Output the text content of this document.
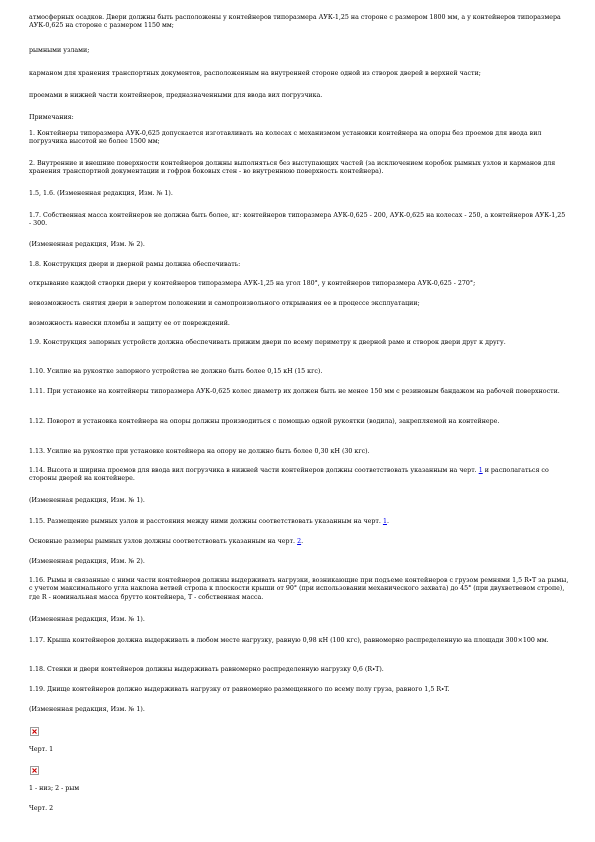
атмосферных осадков. Двери должны быть расположены у контейнеров типоразмера АУК-1,25 на стороне с размером 1800 мм, а у контейнеров типоразмера АУК-0,625 на стороне с размером 1150 мм;

рымными узлами;

карманом для хранения транспортных документов, расположенным на внутренней стороне одной из створок дверей в верхней части;

проемами в нижней части контейнеров, предназначенными для ввода вил погрузчика.

Примечания:

1. Контейнеры типоразмера АУК-0,625 допускается изготавливать на колесах с механизмом установки контейнера на опоры без проемов для ввода вил погрузчика высотой не более 1500 мм;

2. Внутренние и внешние поверхности контейнеров должны выполняться без выступающих частей (за исключением коробок рымных узлов и карманов для хранения транспортной документации и гофров боковых стен - во внутреннюю поверхность контейнера).

1.5, 1.6. (Измененная редакция, Изм. № 1).

1.7. Собственная масса контейнеров не должна быть более, кг: контейнеров типоразмера АУК-0,625 - 200, АУК-0,625 на колесах - 250, а контейнеров АУК-1,25 - 300.

(Измененная редакция, Изм. № 2).

1.8. Конструкция двери и дверной рамы должна обеспечивать:

открывание каждой створки двери у контейнеров типоразмера АУК-1,25 на угол 180°, у контейнеров типоразмера АУК-0,625 - 270°;

невозможность снятия двери в запертом положении и самопроизвольного открывания ее в процессе эксплуатации;

возможность навески пломбы и защиту ее от повреждений.

1.9. Конструкция запорных устройств должна обеспечивать прижим двери по всему периметру к дверной раме и створок двери друг к другу.

1.10. Усилие на рукоятке запорного устройства не должно быть более 0,15 кН (15 кгс).

1.11. При установке на контейнеры типоразмера АУК-0,625 колес диаметр их должен быть не менее 150 мм с резиновым бандажом на рабочей поверхности.

1.12. Поворот и установка контейнера на опоры должны производиться с помощью одной рукоятки (водила), закрепляемой на контейнере.

1.13. Усилие на рукоятке при установке контейнера на опору не должно быть более 0,30 кН (30 кгс).

1.14. Высота и ширина проемов для ввода вил погрузчика в нижней части контейнеров должны соответствовать указанным на черт. 1 и располагаться со стороны дверей на контейнере.

(Измененная редакция, Изм. № 1).

1.15. Размещение рымных узлов и расстояния между ними должны соответствовать указанным на черт. 1.

Основные размеры рымных узлов должны соответствовать указанным на черт. 2.

(Измененная редакция, Изм. № 2).

1.16. Рымы и связанные с ними части контейнеров должны выдерживать нагрузки, возникающие при подъеме контейнеров с грузом ремнями 1,5 R∙T за рымы, с учетом максимального угла наклона ветвей стропа к плоскости крыши от 90° (при использовании механического захвата) до 45° (при двухветвевом стропе), где R - номинальная масса брутто контейнера, Т - собственная масса.

(Измененная редакция, Изм. № 1).

1.17. Крыша контейнеров должна выдерживать в любом месте нагрузку, равную 0,98 кН (100 кгс), равномерно распределенную на площади 300×100 мм.

1.18. Стенки и двери контейнеров должны выдерживать равномерно распределенную нагрузку 0,6 (R∙T).

1.19. Днище контейнеров должно выдерживать нагрузку от равномерно размещенного по всему полу груза, равного 1,5 R∙T.

(Измененная редакция, Изм. № 1).

Черт. 1

1 - низ; 2 - рым

Черт. 2
